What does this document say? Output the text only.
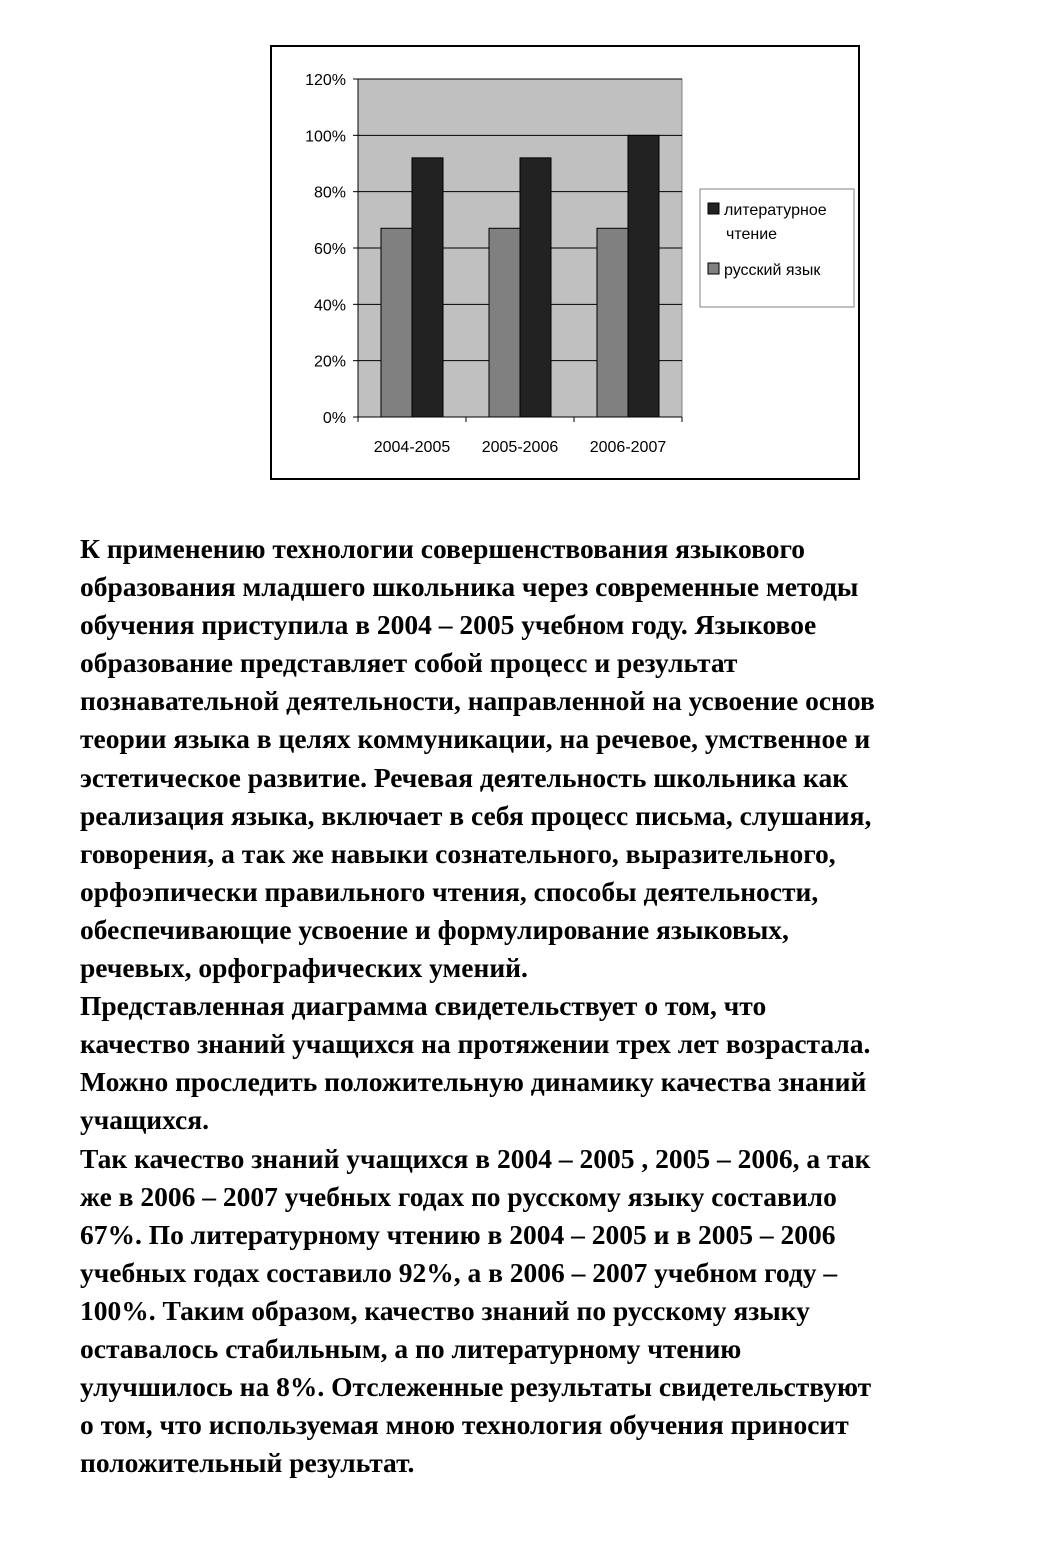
0%
20%
40%
60%
80%
100%
120%
2004-2005 2005-2006 2006-2007
литературное
чтение
русский язык
К применению технологии совершенствования языкового
образования младшего школьника через современные методы
обучения приступила в 2004 – 2005 учебном году. Языковое
образование представляет собой процесс и результат
познавательной деятельности, направленной на усвоение основ
теории языка в целях коммуникации, на речевое, умственное и
эстетическое развитие. Речевая деятельность школьника как
реализация языка, включает в себя процесс письма, слушания,
говорения, а так же навыки сознательного, выразительного,
орфоэпически правильного чтения, способы деятельности,
обеспечивающие усвоение и формулирование языковых,
речевых, орфографических умений.
Представленная диаграмма свидетельствует о том, что
качество знаний учащихся на протяжении трех лет возрастала.
Можно проследить положительную динамику качества знаний
учащихся.
Так качество знаний учащихся в 2004 – 2005 , 2005 – 2006, а так
же в 2006 – 2007 учебных годах по русскому языку составило
67%. По литературному чтению в 2004 – 2005 и в 2005 – 2006
учебных годах составило 92%, а в 2006 – 2007 учебном году –
100%. Таким образом, качество знаний по русскому языку
оставалось стабильным, а по литературному чтению
улучшилось на 8%. Отслеженные результаты свидетельствуют
о том, что используемая мною технология обучения приносит
положительный результат.
